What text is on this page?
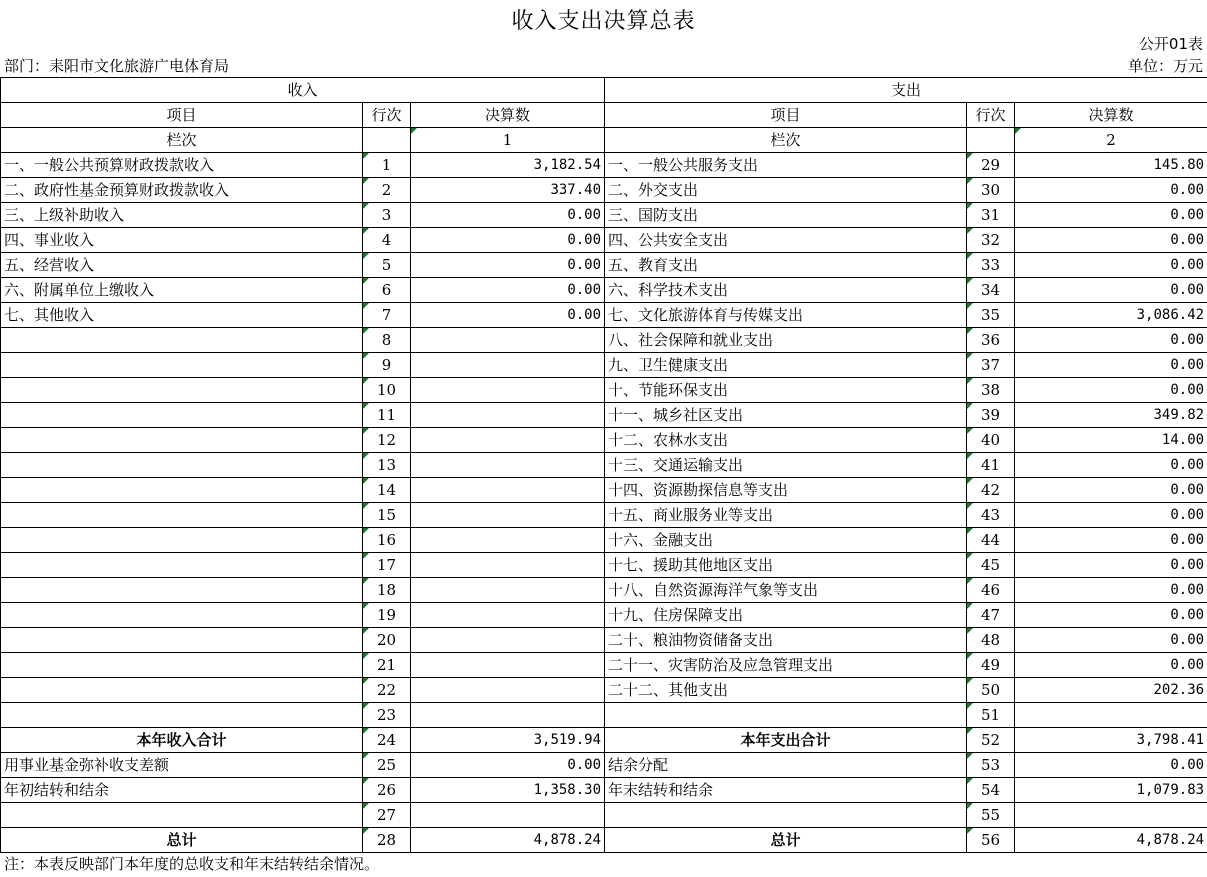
收入支出决算总表
公开01表
部门：耒阳市文化旅游广电体育局	单位：万元
收入			支出		
项目	行次	决算数	项目	行次	决算数
栏次		1	栏次		2
一、一般公共预算财政拨款收入	1	3,182.54	一、一般公共服务支出	29	145.80
二、政府性基金预算财政拨款收入	2	337.40	二、外交支出	30	0.00
三、上级补助收入	3	0.00	三、国防支出	31	0.00
四、事业收入	4	0.00	四、公共安全支出	32	0.00
五、经营收入	5	0.00	五、教育支出	33	0.00
六、附属单位上缴收入	6	0.00	六、科学技术支出	34	0.00
七、其他收入	7	0.00	七、文化旅游体育与传媒支出	35	3,086.42
	8		八、社会保障和就业支出	36	0.00
	9		九、卫生健康支出	37	0.00
	10		十、节能环保支出	38	0.00
	11		十一、城乡社区支出	39	349.82
	12		十二、农林水支出	40	14.00
	13		十三、交通运输支出	41	0.00
	14		十四、资源勘探信息等支出	42	0.00
	15		十五、商业服务业等支出	43	0.00
	16		十六、金融支出	44	0.00
	17		十七、援助其他地区支出	45	0.00
	18		十八、自然资源海洋气象等支出	46	0.00
	19		十九、住房保障支出	47	0.00
	20		二十、粮油物资储备支出	48	0.00
	21		二十一、灾害防治及应急管理支出	49	0.00
	22		二十二、其他支出	50	202.36
	23			51	
本年收入合计	24	3,519.94	本年支出合计	52	3,798.41
用事业基金弥补收支差额	25	0.00	结余分配	53	0.00
年初结转和结余	26	1,358.30	年末结转和结余	54	1,079.83
	27			55	
总计	28	4,878.24	总计	56	4,878.24
注：本表反映部门本年度的总收支和年末结转结余情况。
